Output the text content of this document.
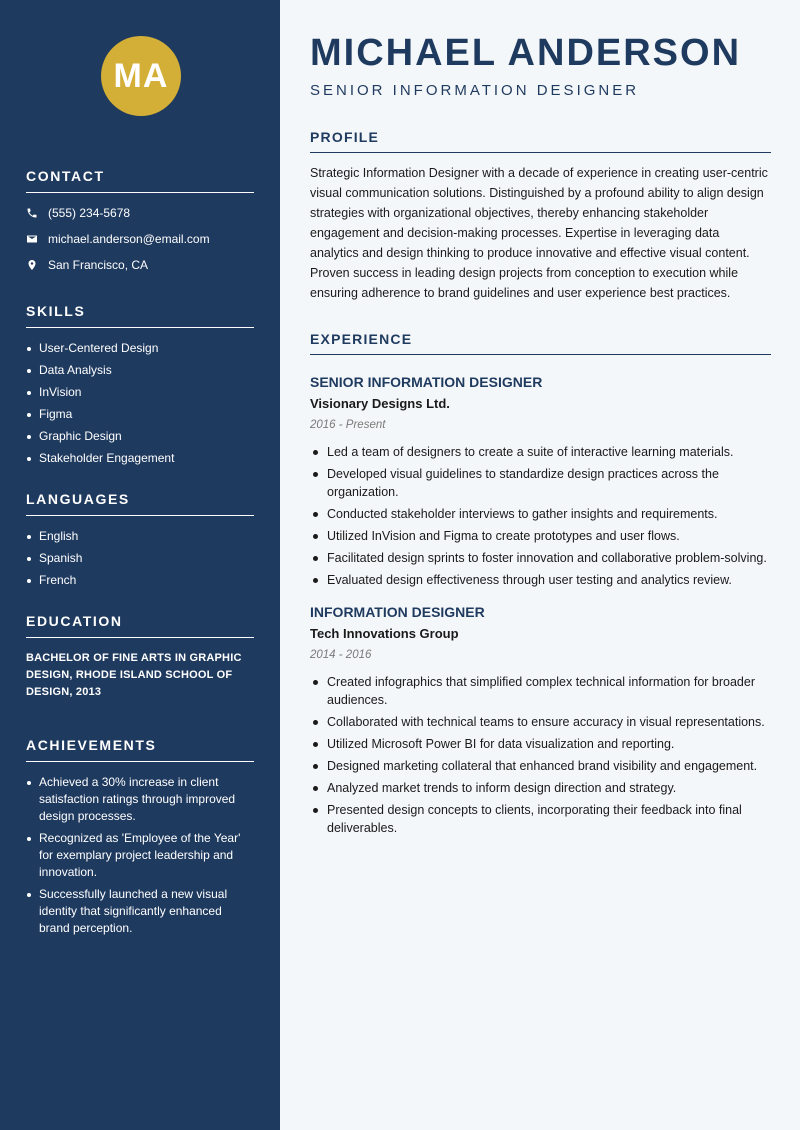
MA
CONTACT
(555) 234-5678
michael.anderson@email.com
San Francisco, CA
SKILLS
User-Centered Design
Data Analysis
InVision
Figma
Graphic Design
Stakeholder Engagement
LANGUAGES
English
Spanish
French
EDUCATION
BACHELOR OF FINE ARTS IN GRAPHIC DESIGN, RHODE ISLAND SCHOOL OF DESIGN, 2013
ACHIEVEMENTS
Achieved a 30% increase in client satisfaction ratings through improved design processes.
Recognized as 'Employee of the Year' for exemplary project leadership and innovation.
Successfully launched a new visual identity that significantly enhanced brand perception.
MICHAEL ANDERSON
SENIOR INFORMATION DESIGNER
PROFILE

Strategic Information Designer with a decade of experience in creating user-centric visual communication solutions. Distinguished by a profound ability to align design strategies with organizational objectives, thereby enhancing stakeholder engagement and decision-making processes. Expertise in leveraging data analytics and design thinking to produce innovative and effective visual content. Proven success in leading design projects from conception to execution while ensuring adherence to brand guidelines and user experience best practices.

EXPERIENCE
SENIOR INFORMATION DESIGNER
Visionary Designs Ltd.
2016 - Present
Led a team of designers to create a suite of interactive learning materials.
Developed visual guidelines to standardize design practices across the organization.
Conducted stakeholder interviews to gather insights and requirements.
Utilized InVision and Figma to create prototypes and user flows.
Facilitated design sprints to foster innovation and collaborative problem-solving.
Evaluated design effectiveness through user testing and analytics review.
INFORMATION DESIGNER
Tech Innovations Group
2014 - 2016
Created infographics that simplified complex technical information for broader audiences.
Collaborated with technical teams to ensure accuracy in visual representations.
Utilized Microsoft Power BI for data visualization and reporting.
Designed marketing collateral that enhanced brand visibility and engagement.
Analyzed market trends to inform design direction and strategy.
Presented design concepts to clients, incorporating their feedback into final deliverables.
